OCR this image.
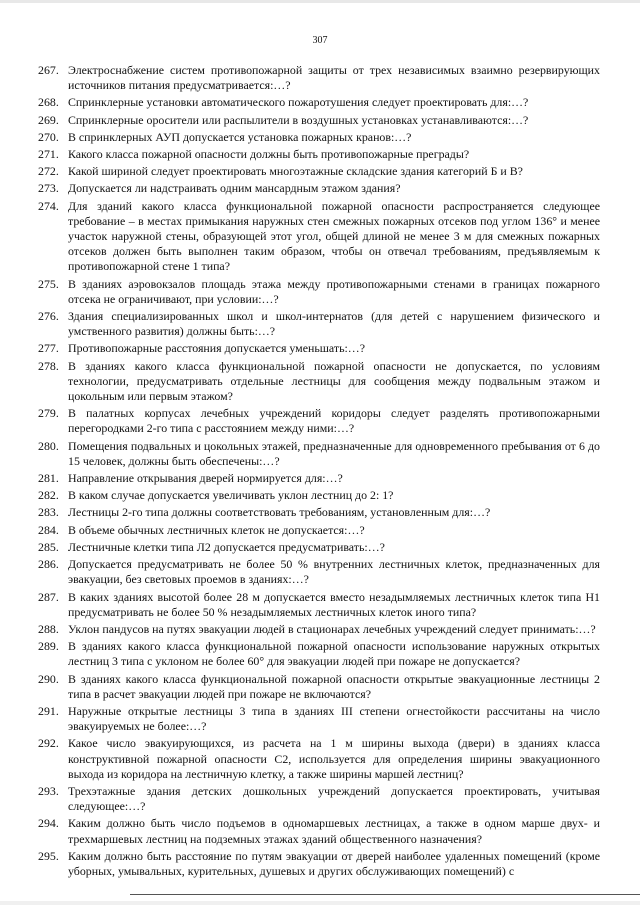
307
267. Электроснабжение систем противопожарной защиты от трех независимых взаимно резервирующих источников питания предусматривается:…?
268. Спринклерные установки автоматического пожаротушения следует проектировать для:…?
269. Спринклерные оросители или распылители в воздушных установках устанавливаются:…?
270. В спринклерных АУП допускается установка пожарных кранов:…?
271. Какого класса пожарной опасности должны быть противопожарные преграды?
272. Какой шириной следует проектировать многоэтажные складские здания категорий Б и В?
273. Допускается ли надстраивать одним мансардным этажом здания?
274. Для зданий какого класса функциональной пожарной опасности распространяется следующее требование – в местах примыкания наружных стен смежных пожарных отсеков под углом 136° и менее участок наружной стены, образующей этот угол, общей длиной не менее 3 м для смежных пожарных отсеков должен быть выполнен таким образом, чтобы он отвечал требованиям, предъявляемым к противопожарной стене 1 типа?
275. В зданиях аэровокзалов площадь этажа между противопожарными стенами в границах пожарного отсека не ограничивают, при условии:…?
276. Здания специализированных школ и школ-интернатов (для детей с нарушением физического и умственного развития) должны быть:…?
277. Противопожарные расстояния допускается уменьшать:…?
278. В зданиях какого класса функциональной пожарной опасности не допускается, по условиям технологии, предусматривать отдельные лестницы для сообщения между подвальным этажом и цокольным или первым этажом?
279. В палатных корпусах лечебных учреждений коридоры следует разделять противопожарными перегородками 2-го типа с расстоянием между ними:…?
280. Помещения подвальных и цокольных этажей, предназначенные для одновременного пребывания от 6 до 15 человек, должны быть обеспечены:…?
281. Направление открывания дверей нормируется для:…?
282. В каком случае допускается увеличивать уклон лестниц до 2: 1?
283. Лестницы 2-го типа должны соответствовать требованиям, установленным для:…?
284. В объеме обычных лестничных клеток не допускается:…?
285. Лестничные клетки типа Л2 допускается предусматривать:…?
286. Допускается предусматривать не более 50 % внутренних лестничных клеток, предназначенных для эвакуации, без световых проемов в зданиях:…?
287. В каких зданиях высотой более 28 м допускается вместо незадымляемых лестничных клеток типа Н1 предусматривать не более 50 % незадымляемых лестничных клеток иного типа?
288. Уклон пандусов на путях эвакуации людей в стационарах лечебных учреждений следует принимать:…?
289. В зданиях какого класса функциональной пожарной опасности использование наружных открытых лестниц 3 типа с уклоном не более 60° для эвакуации людей при пожаре не допускается?
290. В зданиях какого класса функциональной пожарной опасности открытые эвакуационные лестницы 2 типа в расчет эвакуации людей при пожаре не включаются?
291. Наружные открытые лестницы 3 типа в зданиях III степени огнестойкости рассчитаны на число эвакуируемых не более:…?
292. Какое число эвакуирующихся, из расчета на 1 м ширины выхода (двери) в зданиях класса конструктивной пожарной опасности С2, используется для определения ширины эвакуационного выхода из коридора на лестничную клетку, а также ширины маршей лестниц?
293. Трехэтажные здания детских дошкольных учреждений допускается проектировать, учитывая следующее:…?
294. Каким должно быть число подъемов в одномаршевых лестницах, а также в одном марше двух- и трехмаршевых лестниц на подземных этажах зданий общественного назначения?
295. Каким должно быть расстояние по путям эвакуации от дверей наиболее удаленных помещений (кроме уборных, умывальных, курительных, душевых и других обслуживающих помещений) с
